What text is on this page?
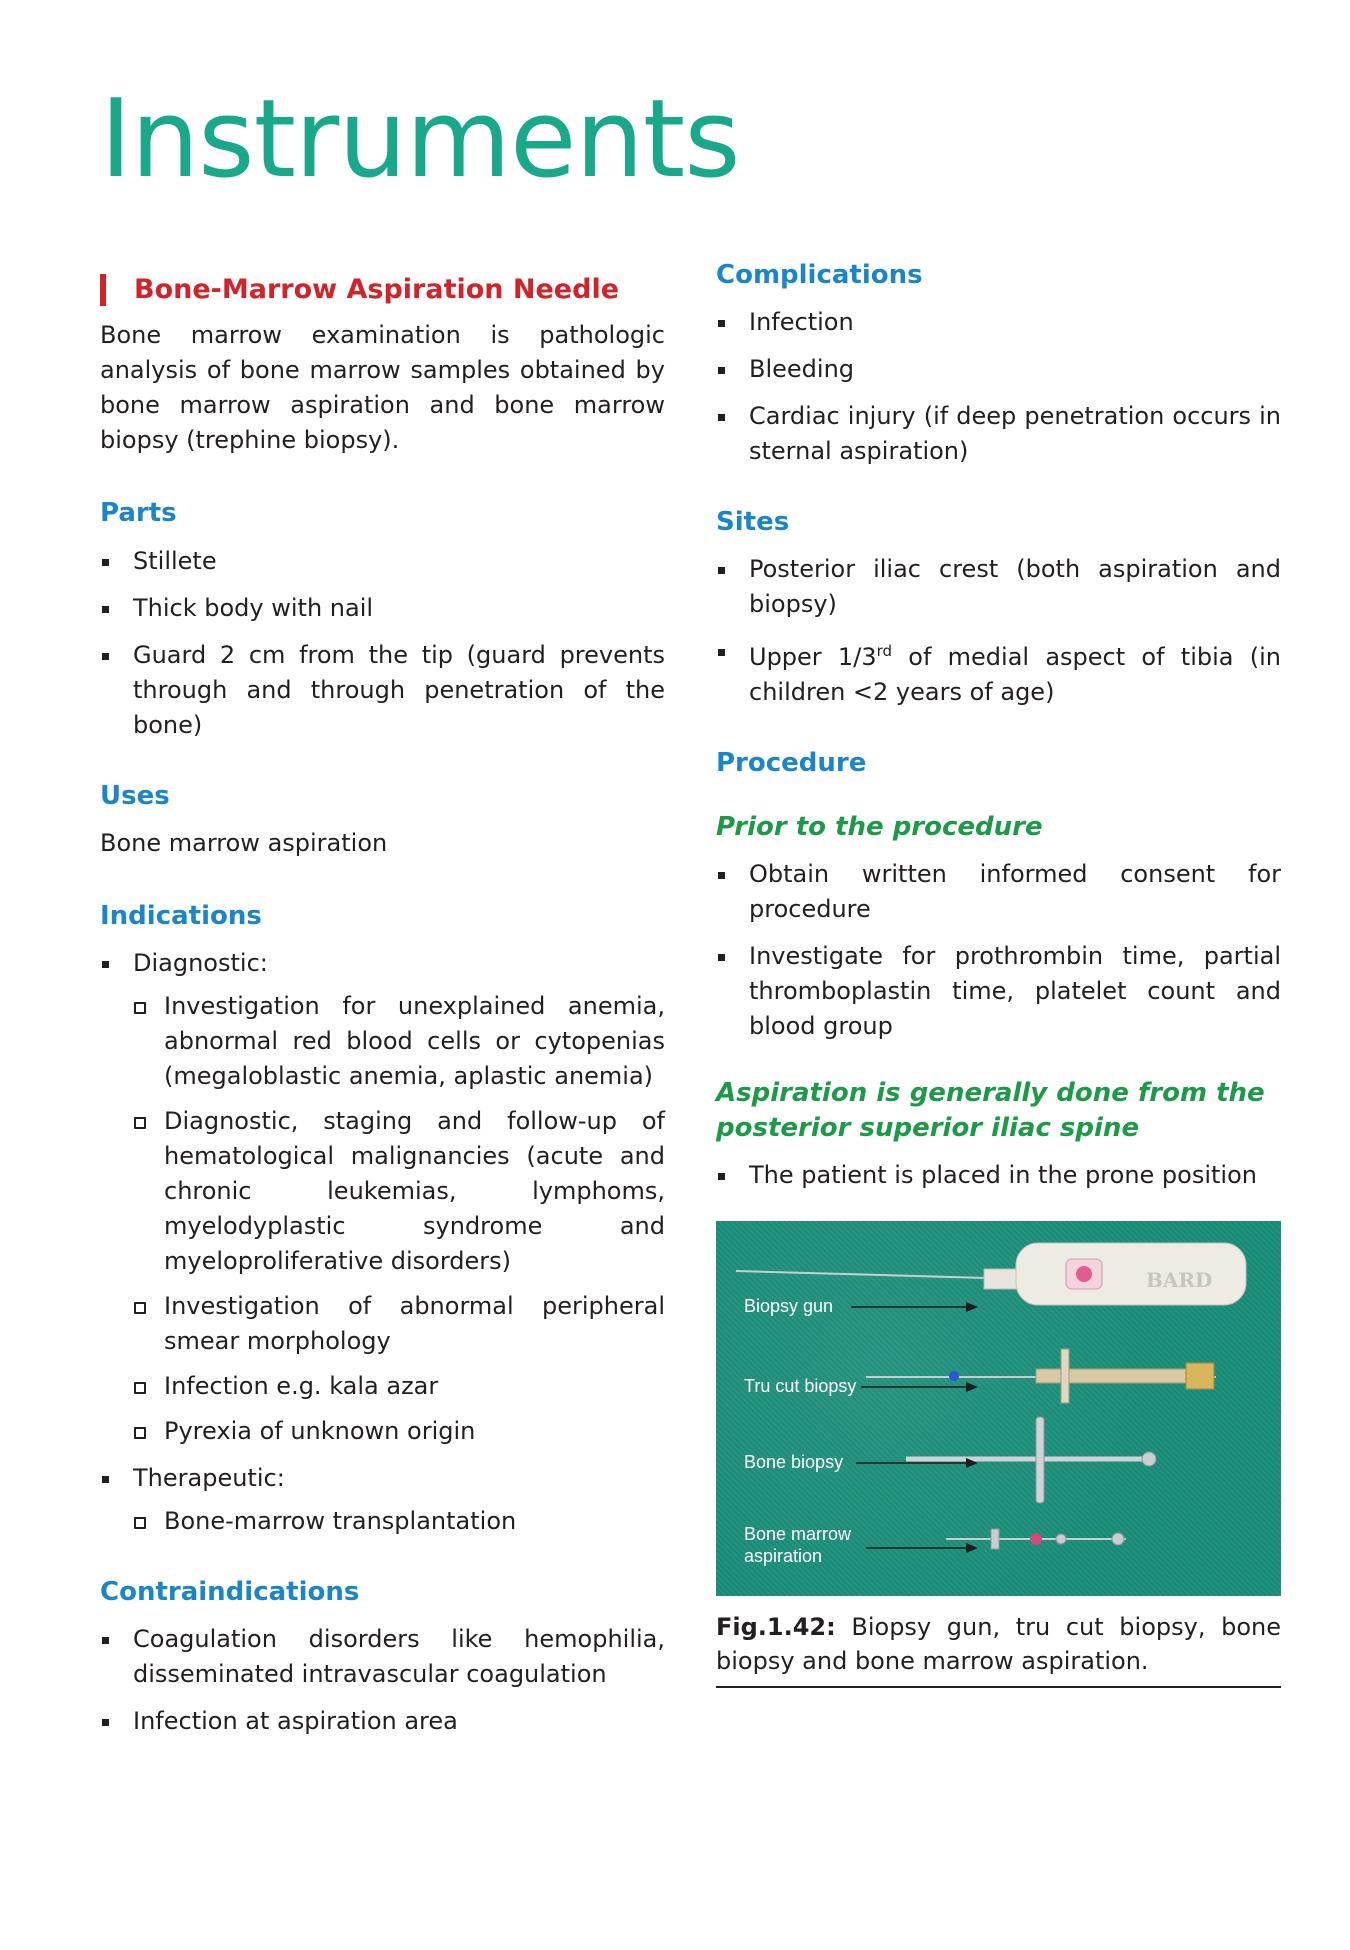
Instruments
Bone-Marrow Aspiration Needle

Bone marrow examination is pathologic analysis of bone marrow samples obtained by bone marrow aspiration and bone marrow biopsy (trephine biopsy).

Parts
Stillete
Thick body with nail
Guard 2 cm from the tip (guard prevents through and through penetration of the bone)
Uses

Bone marrow aspiration

Indications
Diagnostic:
Investigation for unexplained anemia, abnormal red blood cells or cytopenias (megaloblastic anemia, aplastic anemia)
Diagnostic, staging and follow-up of hematological malignancies (acute and chronic leukemias, lymphoms, myelodyplastic syndrome and myeloproliferative disorders)
Investigation of abnormal peripheral smear morphology
Infection e.g. kala azar
Pyrexia of unknown origin
Therapeutic:
Bone-marrow transplantation
Contraindications
Coagulation disorders like hemophilia, disseminated intravascular coagulation
Infection at aspiration area
Complications
Infection
Bleeding
Cardiac injury (if deep penetration occurs in sternal aspiration)
Sites
Posterior iliac crest (both aspiration and biopsy)
Upper 1/3rd of medial aspect of tibia (in children <2 years of age)
Procedure
Prior to the procedure
Obtain written informed consent for procedure
Investigate for prothrombin time, partial thromboplastin time, platelet count and blood group
Aspiration is generally done from the posterior superior iliac spine
The patient is placed in the prone position
BARD
Biopsy gun
Tru cut biopsy
Bone biopsy
Bone marrow
aspiration
Fig.1.42: Biopsy gun, tru cut biopsy, bone biopsy and bone marrow aspiration.
